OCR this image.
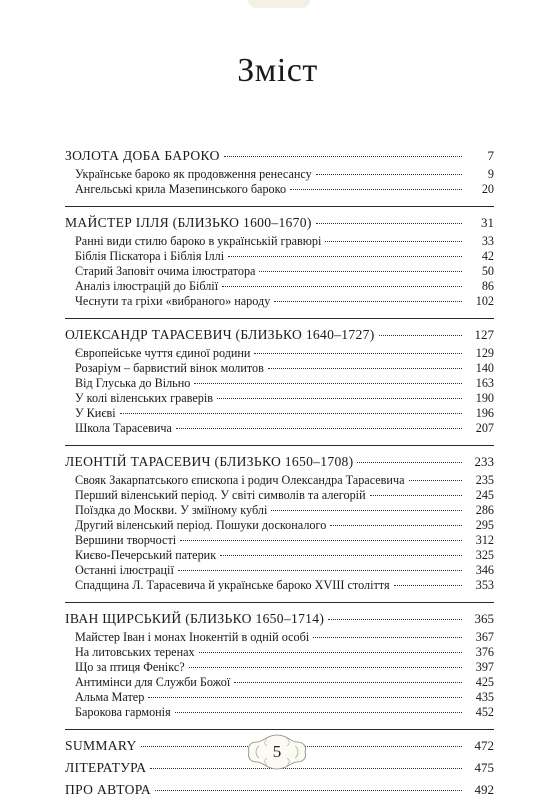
Зміст
ЗОЛОТА ДОБА БАРОКО	7
Українське бароко як продовження ренесансу	9
Ангельські крила Мазепинського бароко	20
МАЙСТЕР ІЛЛЯ (БЛИЗЬКО 1600–1670)	31
Ранні види стилю бароко в українській гравюрі	33
Біблія Піскатора і Біблія Іллі	42
Старий Заповіт очима ілюстратора	50
Аналіз ілюстрацій до Біблії	86
Чеснути та гріхи «вибраного» народу	102
ОЛЕКСАНДР ТАРАСЕВИЧ (БЛИЗЬКО 1640–1727)	127
Європейське чуття єдиної родини	129
Розаріум – барвистий вінок молитов	140
Від Глуська до Вільно	163
У колі віленських граверів	190
У Києві	196
Школа Тарасевича	207
ЛЕОНТІЙ ТАРАСЕВИЧ (БЛИЗЬКО 1650–1708)	233
Свояк Закарпатського єпископа і родич Олександра Тарасевича	235
Перший віленський період. У світі символів та алегорій	245
Поїздка до Москви. У зміїному кублі	286
Другий віленський період. Пошуки досконалого	295
Вершини творчості	312
Києво-Печерський патерик	325
Останні ілюстрації	346
Спадщина Л. Тарасевича й українське бароко XVIII століття	353
ІВАН ЩИРСЬКИЙ (БЛИЗЬКО 1650–1714)	365
Майстер Іван і монах Інокентій в одній особі	367
На литовських теренах	376
Що за птиця Фенікс?	397
Антимінси для Служби Божої	425
Альма Матер	435
Барокова гармонія	452
SUMMARY	472
ЛІТЕРАТУРА	475
ПРО АВТОРА	492
5
